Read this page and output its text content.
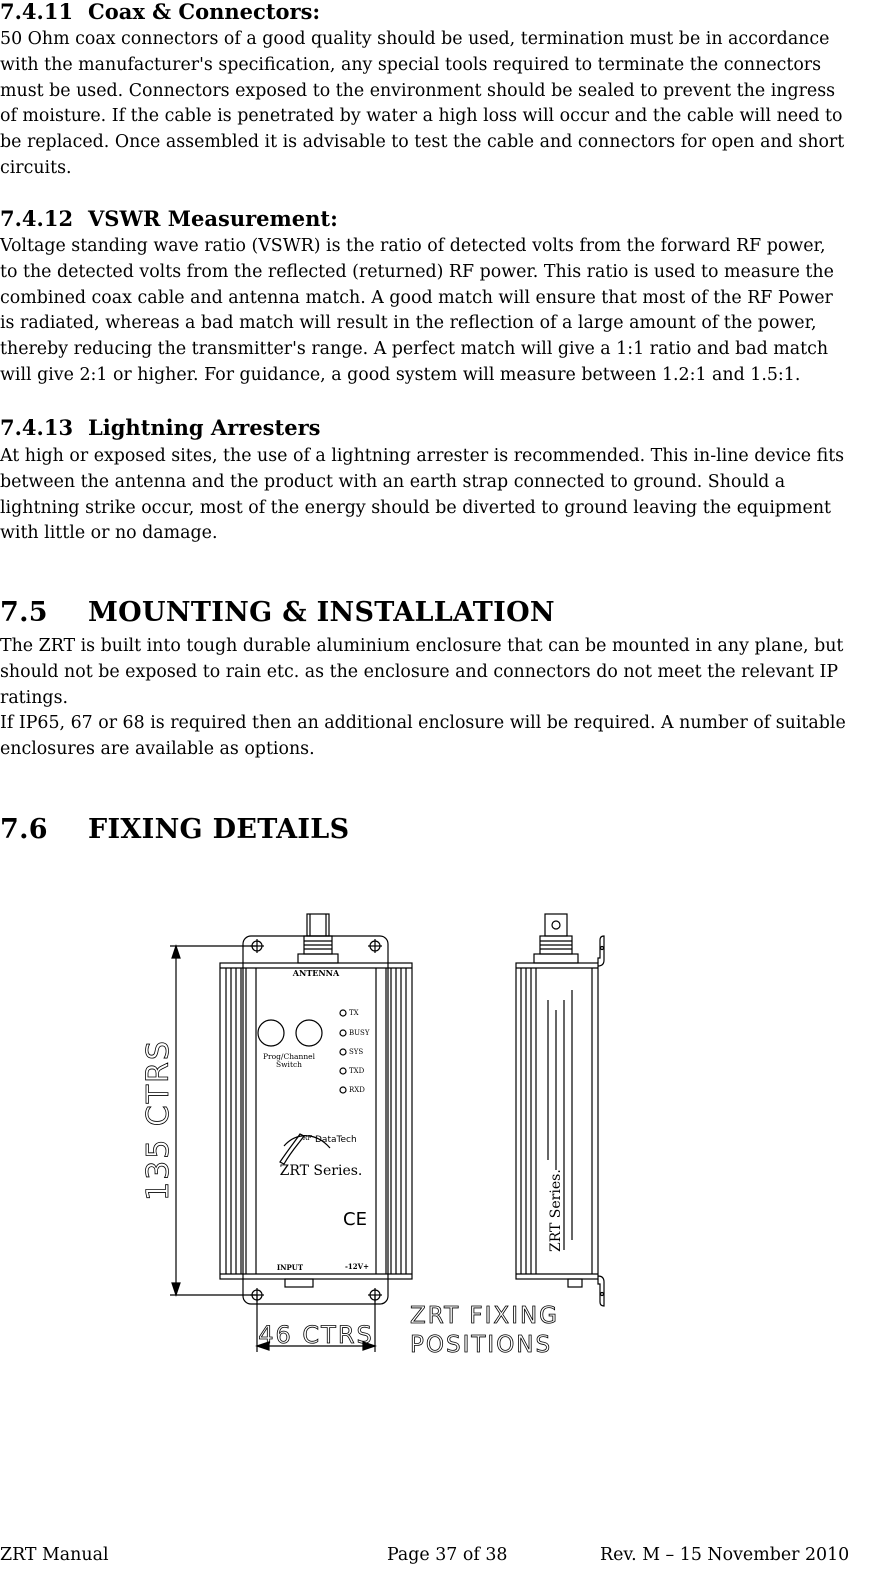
7.4.11 Coax & Connectors:
50 Ohm coax connectors of a good quality should be used, termination must be in accordance
with the manufacturer's specification, any special tools required to terminate the connectors
must be used. Connectors exposed to the environment should be sealed to prevent the ingress
of moisture. If the cable is penetrated by water a high loss will occur and the cable will need to
be replaced. Once assembled it is advisable to test the cable and connectors for open and short
circuits.
7.4.12 VSWR Measurement:
Voltage standing wave ratio (VSWR) is the ratio of detected volts from the forward RF power,
to the detected volts from the reflected (returned) RF power. This ratio is used to measure the
combined coax cable and antenna match. A good match will ensure that most of the RF Power
is radiated, whereas a bad match will result in the reflection of a large amount of the power,
thereby reducing the transmitter's range. A perfect match will give a 1:1 ratio and bad match
will give 2:1 or higher. For guidance, a good system will measure between 1.2:1 and 1.5:1.
7.4.13 Lightning Arresters
At high or exposed sites, the use of a lightning arrester is recommended. This in-line device fits
between the antenna and the product with an earth strap connected to ground. Should a
lightning strike occur, most of the energy should be diverted to ground leaving the equipment
with little or no damage.
7.5 MOUNTING & INSTALLATION
The ZRT is built into tough durable aluminium enclosure that can be mounted in any plane, but
should not be exposed to rain etc. as the enclosure and connectors do not meet the relevant IP
ratings.
If IP65, 67 or 68 is required then an additional enclosure will be required. A number of suitable
enclosures are available as options.
7.6 FIXING DETAILS
ANTENNA
TX
BUSY
SYS
TXD
RXD
Prog/Channel
Switch
RF DataTech
ZRT Series.
CE
INPUT	-12V+
ZRT Series.
135 CTRS
46 CTRS
ZRT FIXING
POSITIONS
ZRT Manual	Page 37 of 38	Rev. M – 15 November 2010
